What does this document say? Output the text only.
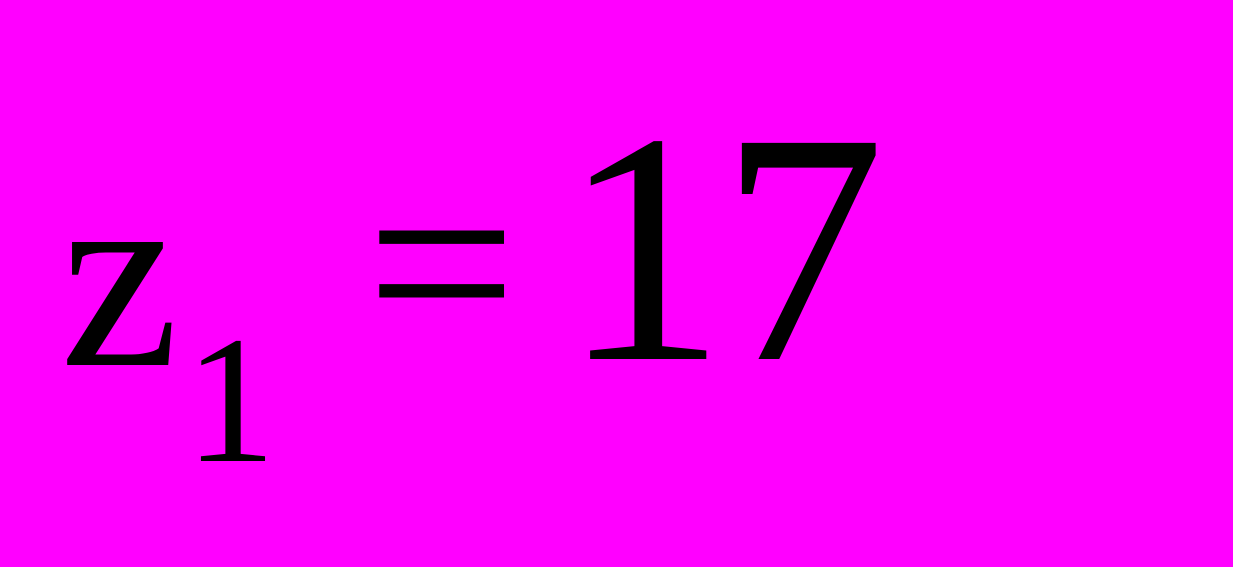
z 1 = 17
